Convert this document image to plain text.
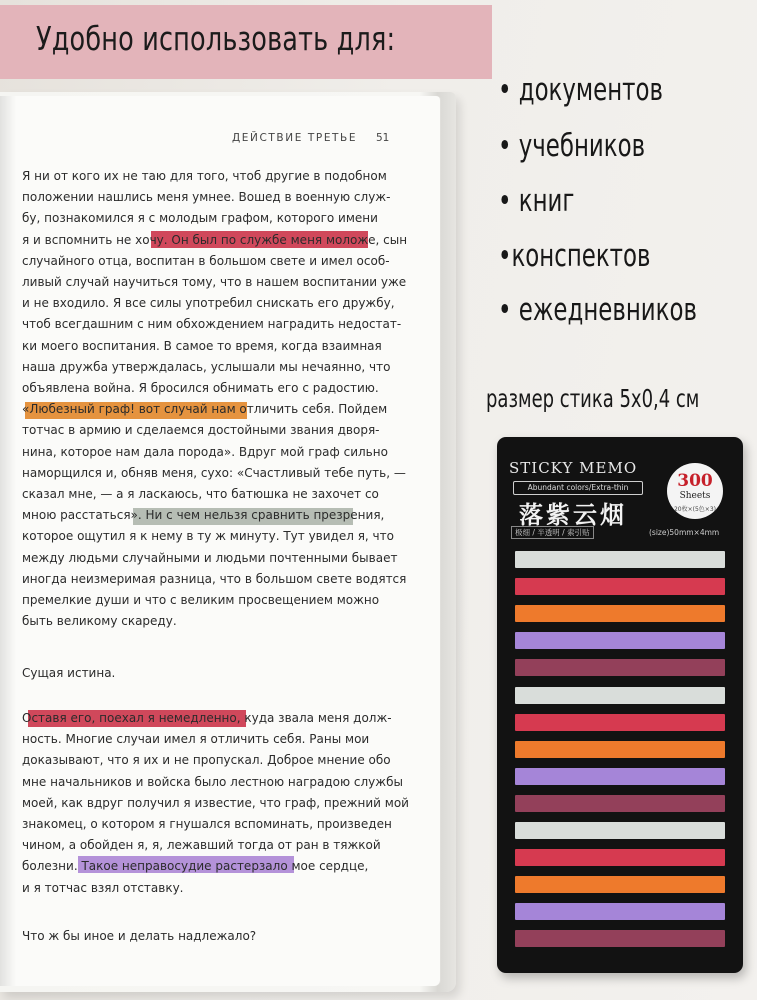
Удобно использовать для:
ДЕЙСТВИЕ ТРЕТЬЕ 51
Я ни от кого их не таю для того, чтоб другие в подобном
положении нашлись меня умнее. Вошед в военную служ-
бу, познакомился я с молодым графом, которого имени
я и вспомнить не хочу. Он был по службе меня моложе, сын
случайного отца, воспитан в большом свете и имел особ-
ливый случай научиться тому, что в нашем воспитании уже
и не входило. Я все силы употребил снискать его дружбу,
чтоб всегдашним с ним обхождением наградить недостат-
ки моего воспитания. В самое то время, когда взаимная
наша дружба утверждалась, услышали мы нечаянно, что
объявлена война. Я бросился обнимать его с радостию.
«Любезный граф! вот случай нам отличить себя. Пойдем
тотчас в армию и сделаемся достойными звания дворя-
нина, которое нам дала порода». Вдруг мой граф сильно
наморщился и, обняв меня, сухо: «Счастливый тебе путь, —
сказал мне, — а я ласкаюсь, что батюшка не захочет со
мною расстаться». Ни с чем нельзя сравнить презрения,
которое ощутил я к нему в ту ж минуту. Тут увидел я, что
между людьми случайными и людьми почтенными бывает
иногда неизмеримая разница, что в большом свете водятся
премелкие души и что с великим просвещением можно
быть великому скареду.
Сущая истина.
Оставя его, поехал я немедленно, куда звала меня долж-
ность. Многие случаи имел я отличить себя. Раны мои
доказывают, что я их и не пропускал. Доброе мнение обо
мне начальников и войска было лестною наградою службы
моей, как вдруг получил я известие, что граф, прежний мой
знакомец, о котором я гнушался вспоминать, произведен
чином, а обойден я, я, лежавший тогда от ран в тяжкой
болезни. Такое неправосудие растерзало мое сердце,
и я тотчас взял отставку.
Что ж бы иное и делать надлежало?
• документов
• учебников
• книг
•конспектов
• ежедневников
размер стика 5х0,4 см
STICKY MEMO
Abundant colors/Extra-thin
落紫云烟
极细 / 半透明 / 索引贴	(size)50mm×4mm
300
Sheets
20枚×(5色×3)
